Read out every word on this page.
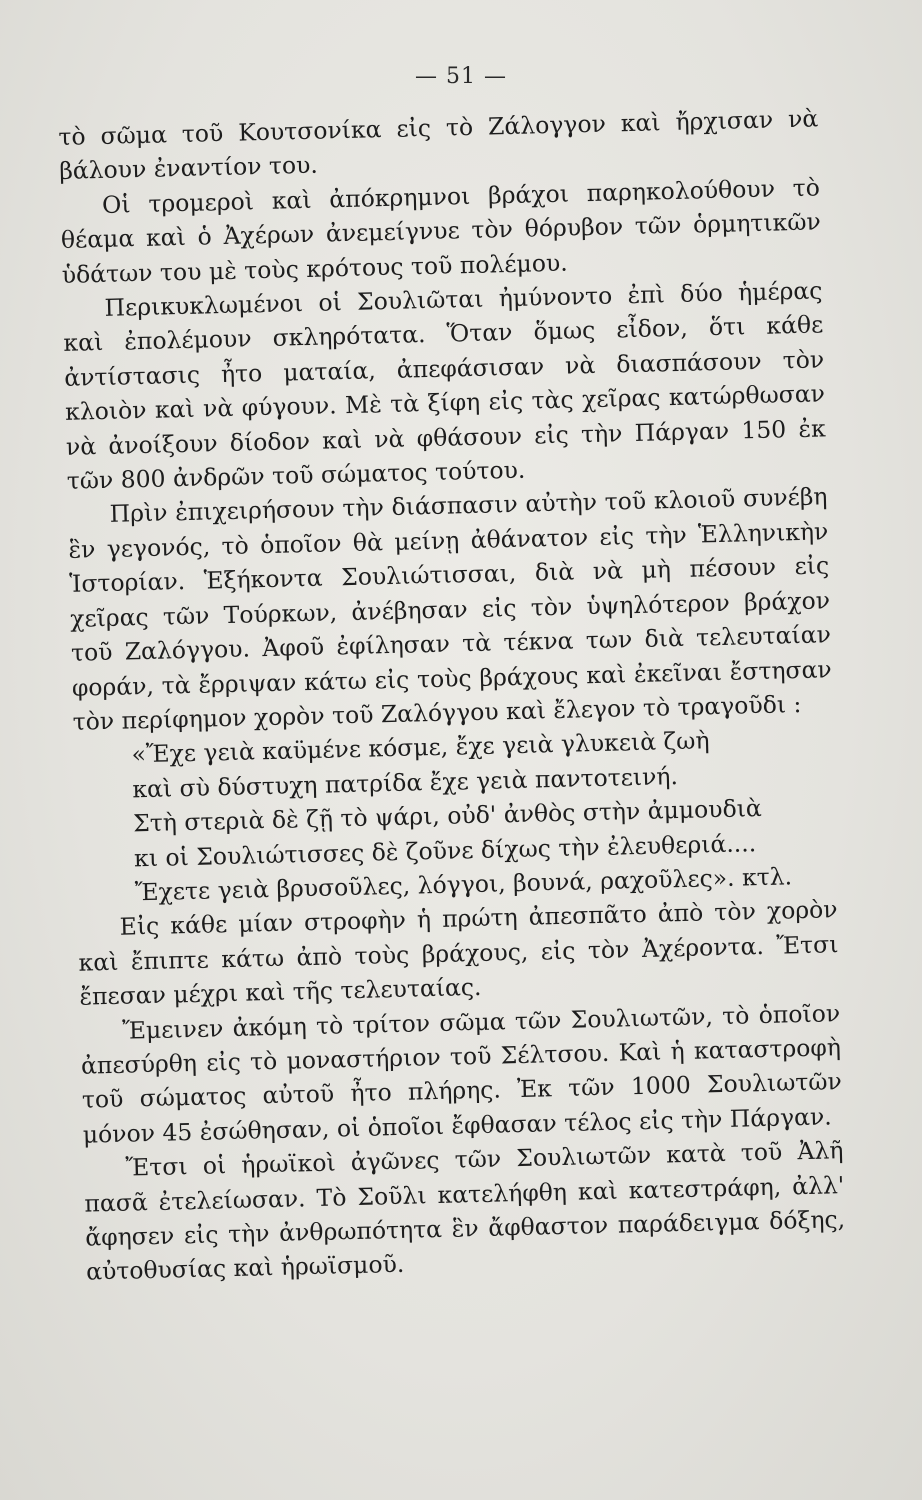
— 51 —

τὸ σῶμα τοῦ Κουτσονίκα εἰς τὸ Ζάλογγον καὶ ἤρχισαν νὰ βάλουν ἐναντίον του.

Οἱ τρομεροὶ καὶ ἀπόκρημνοι βράχοι παρηκολούθουν τὸ θέαμα καὶ ὁ Ἀχέρων ἀνεμείγνυε τὸν θόρυβον τῶν ὁρμητικῶν ὑδάτων του μὲ τοὺς κρότους τοῦ πολέμου.

Περικυκλωμένοι οἱ Σουλιῶται ἠμύνοντο ἐπὶ δύο ἡμέρας καὶ ἐπολέμουν σκληρότατα. Ὅταν ὅμως εἶδον, ὅτι κάθε ἀντίστασις ἦτο ματαία, ἀπεφάσισαν νὰ διασπάσουν τὸν κλοιὸν καὶ νὰ φύγουν. Μὲ τὰ ξίφη εἰς τὰς χεῖρας κατώρθωσαν νὰ ἀνοίξουν δίοδον καὶ νὰ φθάσουν εἰς τὴν Πάργαν 150 ἐκ τῶν 800 ἀνδρῶν τοῦ σώματος τούτου.

Πρὶν ἐπιχειρήσουν τὴν διάσπασιν αὐτὴν τοῦ κλοιοῦ συνέβη ἓν γεγονός, τὸ ὁποῖον θὰ μείνῃ ἀθάνατον εἰς τὴν Ἑλληνικὴν Ἱστορίαν. Ἑξήκοντα Σουλιώτισσαι, διὰ νὰ μὴ πέσουν εἰς χεῖρας τῶν Τούρκων, ἀνέβησαν εἰς τὸν ὑψηλότερον βράχον τοῦ Ζαλόγγου. Ἀφοῦ ἐφίλησαν τὰ τέκνα των διὰ τελευταίαν φοράν, τὰ ἔρριψαν κάτω εἰς τοὺς βράχους καὶ ἐκεῖναι ἔστησαν τὸν περίφημον χορὸν τοῦ Ζαλόγγου καὶ ἔλεγον τὸ τραγοῦδι :

«Ἔχε γειὰ καϋμένε κόσμε, ἔχε γειὰ γλυκειὰ ζωὴ
καὶ σὺ δύστυχη πατρίδα ἔχε γειὰ παντοτεινή.
Στὴ στεριὰ δὲ ζῇ τὸ ψάρι, οὐδ' ἀνθὸς στὴν ἀμμουδιὰ
κι οἱ Σουλιώτισσες δὲ ζοῦνε δίχως τὴν ἐλευθεριά....
Ἔχετε γειὰ βρυσοῦλες, λόγγοι, βουνά, ραχοῦλες». κτλ.

Εἰς κάθε μίαν στροφὴν ἡ πρώτη ἀπεσπᾶτο ἀπὸ τὸν χορὸν καὶ ἔπιπτε κάτω ἀπὸ τοὺς βράχους, εἰς τὸν Ἀχέροντα. Ἔτσι ἔπεσαν μέχρι καὶ τῆς τελευταίας.

Ἔμεινεν ἀκόμη τὸ τρίτον σῶμα τῶν Σουλιωτῶν, τὸ ὁποῖον ἀπεσύρθη εἰς τὸ μοναστήριον τοῦ Σέλτσου. Καὶ ἡ καταστροφὴ τοῦ σώματος αὐτοῦ ἦτο πλήρης. Ἐκ τῶν 1000 Σουλιωτῶν μόνον 45 ἐσώθησαν, οἱ ὁποῖοι ἔφθασαν τέλος εἰς τὴν Πάργαν.

Ἔτσι οἱ ἡρωϊκοὶ ἀγῶνες τῶν Σουλιωτῶν κατὰ τοῦ Ἀλῆ πασᾶ ἐτελείωσαν. Τὸ Σοῦλι κατελήφθη καὶ κατεστράφη, ἀλλ' ἄφησεν εἰς τὴν ἀνθρωπότητα ἓν ἄφθαστον παράδειγμα δόξης, αὐτοθυσίας καὶ ἡρωϊσμοῦ.
